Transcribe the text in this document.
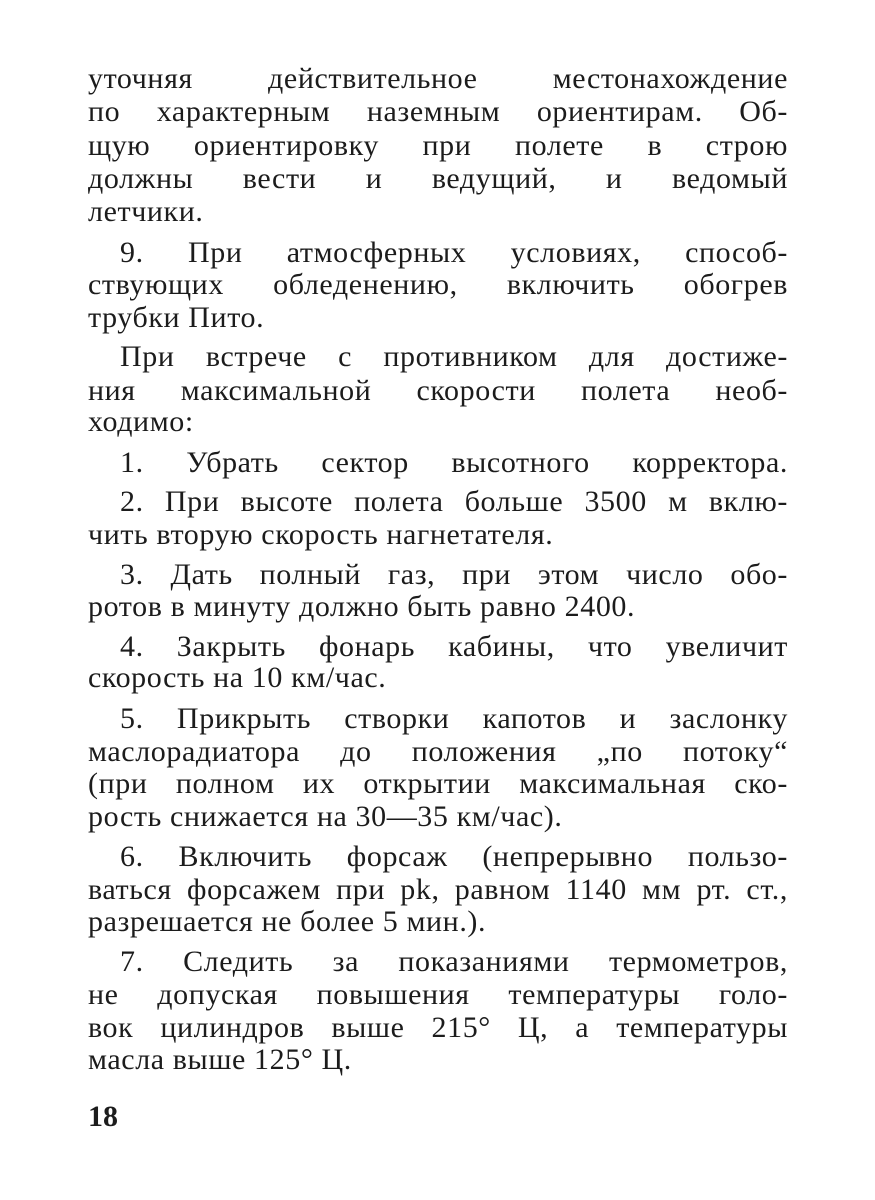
уточняя действительное местонахождение
по характерным наземным ориентирам. Об-
щую ориентировку при полете в строю
должны вести и ведущий, и ведомый
летчики.
9. При атмосферных условиях, способ-
ствующих обледенению, включить обогрев
трубки Пито.
При встрече с противником для достиже-
ния максимальной скорости полета необ-
ходимо:
1. Убрать сектор высотного корректора.
2. При высоте полета больше 3500 м вклю-
чить вторую скорость нагнетателя.
3. Дать полный газ, при этом число обо-
ротов в минуту должно быть равно 2400.
4. Закрыть фонарь кабины, что увеличит
скорость на 10 км/час.
5. Прикрыть створки капотов и заслонку
маслорадиатора до положения „по потоку“
(при полном их открытии максимальная ско-
рость снижается на 30—35 км/час).
6. Включить форсаж (непрерывно пользо-
ваться форсажем при pk, равном 1140 мм рт. ст.,
разрешается не более 5 мин.).
7. Следить за показаниями термометров,
не допуская повышения температуры голо-
вок цилиндров выше 215° Ц, а температуры
масла выше 125° Ц.
18
